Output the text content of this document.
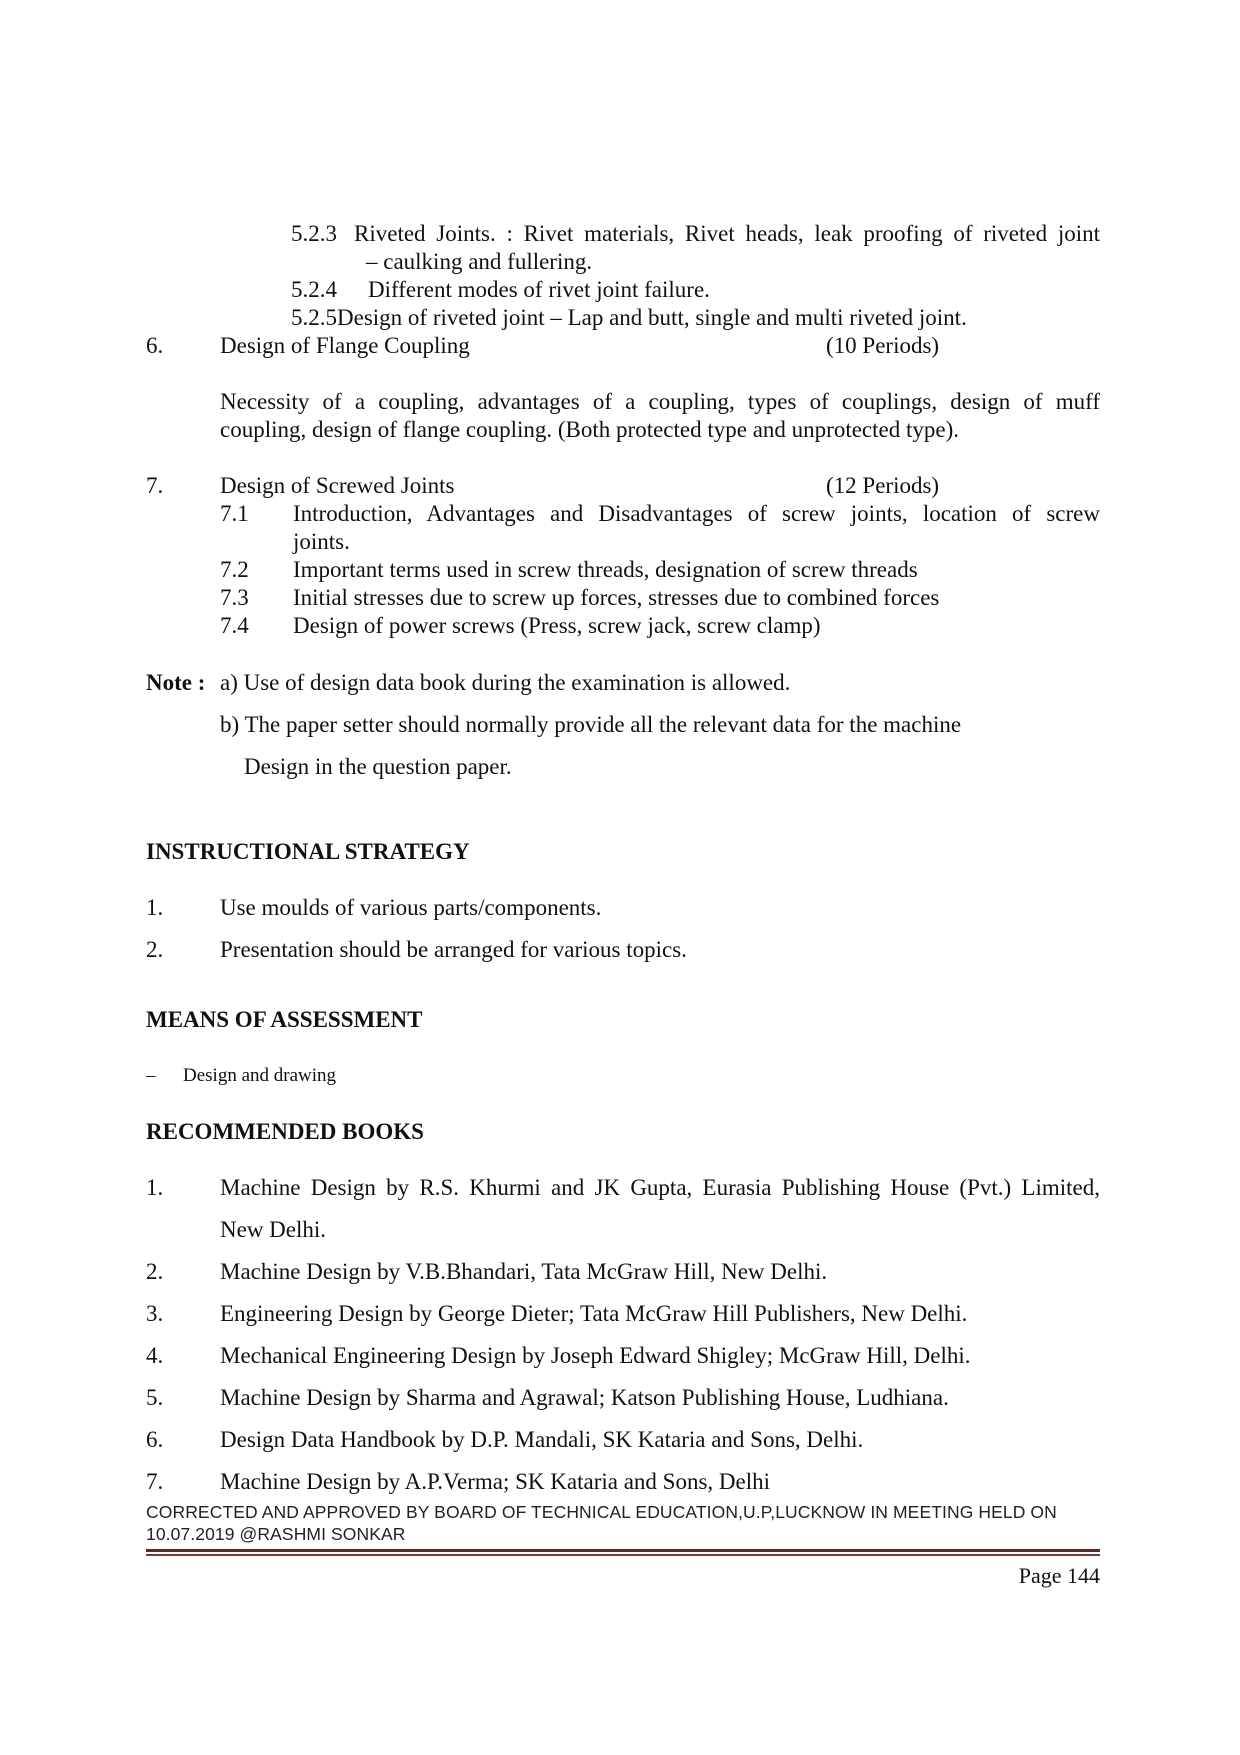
5.2.3 Riveted Joints. : Rivet materials, Rivet heads, leak proofing of riveted joint
– caulking and fullering.
5.2.4 Different modes of rivet joint failure.
5.2.5Design of riveted joint – Lap and butt, single and multi riveted joint.
6. Design of Flange Coupling	(10 Periods)
Necessity of a coupling, advantages of a coupling, types of couplings, design of muff
coupling, design of flange coupling. (Both protected type and unprotected type).
7. Design of Screwed Joints	(12 Periods)
7.1 Introduction, Advantages and Disadvantages of screw joints, location of screw
joints.
7.2 Important terms used in screw threads, designation of screw threads
7.3 Initial stresses due to screw up forces, stresses due to combined forces
7.4 Design of power screws (Press, screw jack, screw clamp)
Note : a) Use of design data book during the examination is allowed.
b) The paper setter should normally provide all the relevant data for the machine
Design in the question paper.
INSTRUCTIONAL STRATEGY
1. Use moulds of various parts/components.
2. Presentation should be arranged for various topics.
MEANS OF ASSESSMENT
– Design and drawing
RECOMMENDED BOOKS
1. Machine Design by R.S. Khurmi and JK Gupta, Eurasia Publishing House (Pvt.) Limited,
New Delhi.
2. Machine Design by V.B.Bhandari, Tata McGraw Hill, New Delhi.
3. Engineering Design by George Dieter; Tata McGraw Hill Publishers, New Delhi.
4. Mechanical Engineering Design by Joseph Edward Shigley; McGraw Hill, Delhi.
5. Machine Design by Sharma and Agrawal; Katson Publishing House, Ludhiana.
6. Design Data Handbook by D.P. Mandali, SK Kataria and Sons, Delhi.
7. Machine Design by A.P.Verma; SK Kataria and Sons, Delhi
CORRECTED AND APPROVED BY BOARD OF TECHNICAL EDUCATION,U.P,LUCKNOW IN MEETING HELD ON
10.07.2019 @RASHMI SONKAR
Page 144
